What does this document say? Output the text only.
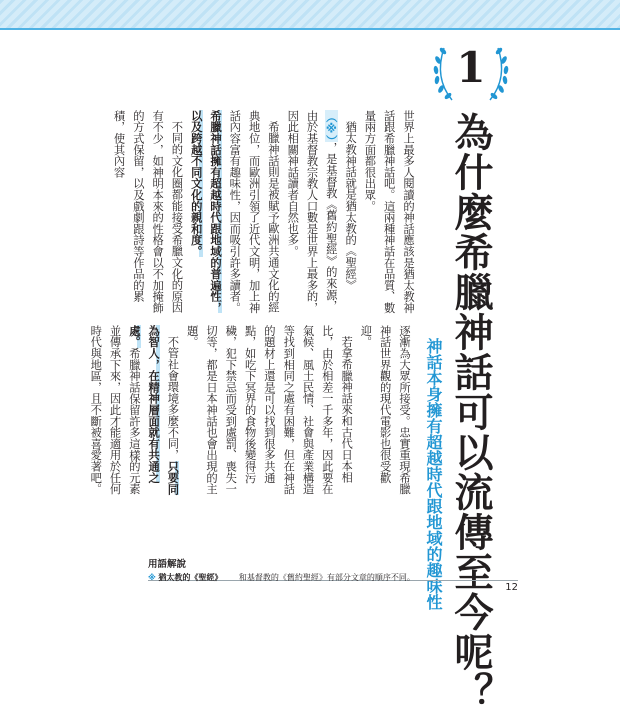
1
為什麼希臘神話可以流傳至今呢？
神話本身擁有超越時代跟地域的趣味性

世界上最多人閱讀的神話應該是猶太教神話跟希臘神話吧。這兩種神話在品質、數量兩方面都很出眾。

猶太教神話就是猶太教的《聖經》（※），是基督教《舊約聖經》的來源，由於基督教宗教人口數是世界上最多的，因此相關神話讀者自然也多。

希臘神話則是被賦予歐洲共通文化的經典地位，而歐洲引領了近代文明，加上神話內容富有趣味性，因而吸引許多讀者。希臘神話擁有超越時代跟地域的普遍性，以及跨越不同文化的親和度。

不同的文化圈都能接受希臘文化的原因有不少，如神明本來的性格會以不加掩飾的方式保留，以及戲劇跟詩等作品的累積，使其內容

逐漸為大眾所接受。忠實重現希臘神話世界觀的現代電影也很受歡迎。

若拿希臘神話來和古代日本相比，由於相差一千多年，因此要在氣候、風土民情、社會與產業構造等找到相同之處有困難，但在神話的題材上還是可以找到很多共通點，如吃下冥界的食物後變得污穢，犯下禁忌而受到處罰、喪失一切等，都是日本神話也會出現的主題。

不管社會環境多麼不同，只要同為智人，在精神層面就有共通之處。希臘神話保留許多這樣的元素並傳承下來，因此才能適用於任何時代與地區，且不斷被喜愛著吧。

用語解說
※ 猶太教的《聖經》 和基督教的《舊約聖經》有部分文章的順序不同。
12
